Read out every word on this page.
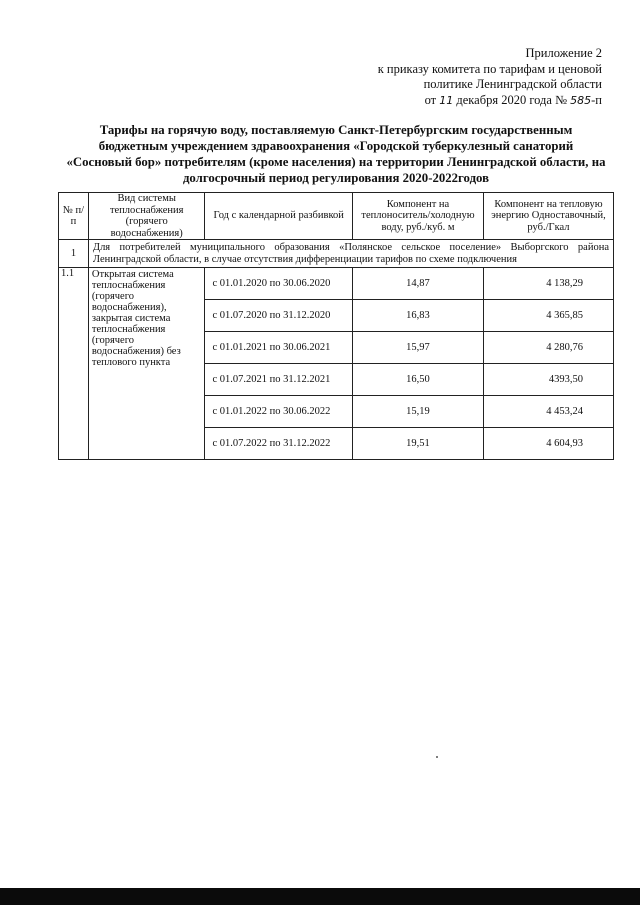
Приложение 2
к приказу комитета по тарифам и ценовой
политике Ленинградской области
от 11 декабря 2020 года № 585-п
Тарифы на горячую воду, поставляемую Санкт-Петербургским государственным
бюджетным учреждением здравоохранения «Городской туберкулезный санаторий
«Сосновый бор» потребителям (кроме населения) на территории Ленинградской области, на
долгосрочный период регулирования 2020-2022годов
№ п/п	Вид системы теплоснабжения (горячего водоснабжения)	Год с календарной разбивкой	Компонент на теплоноситель/холодную воду, руб./куб. м	Компонент на тепловую энергию Одноставочный, руб./Гкал
1	Для потребителей муниципального образования «Полянское сельское поселение» Выборгского района
Ленинградской области, в случае отсутствия дифференциации тарифов по схеме подключения			

1.1	Открытая система теплоснабжения (горячего водоснабжения), закрытая система теплоснабжения (горячего водоснабжения) без теплового пункта	с 01.01.2020 по 30.06.2020	14,87	4 138,29
		с 01.07.2020 по 31.12.2020	16,83	4 365,85
		с 01.01.2021 по 30.06.2021	15,97	4 280,76
		с 01.07.2021 по 31.12.2021	16,50	4393,50
		с 01.01.2022 по 30.06.2022	15,19	4 453,24
		с 01.07.2022 по 31.12.2022	19,51	4 604,93
